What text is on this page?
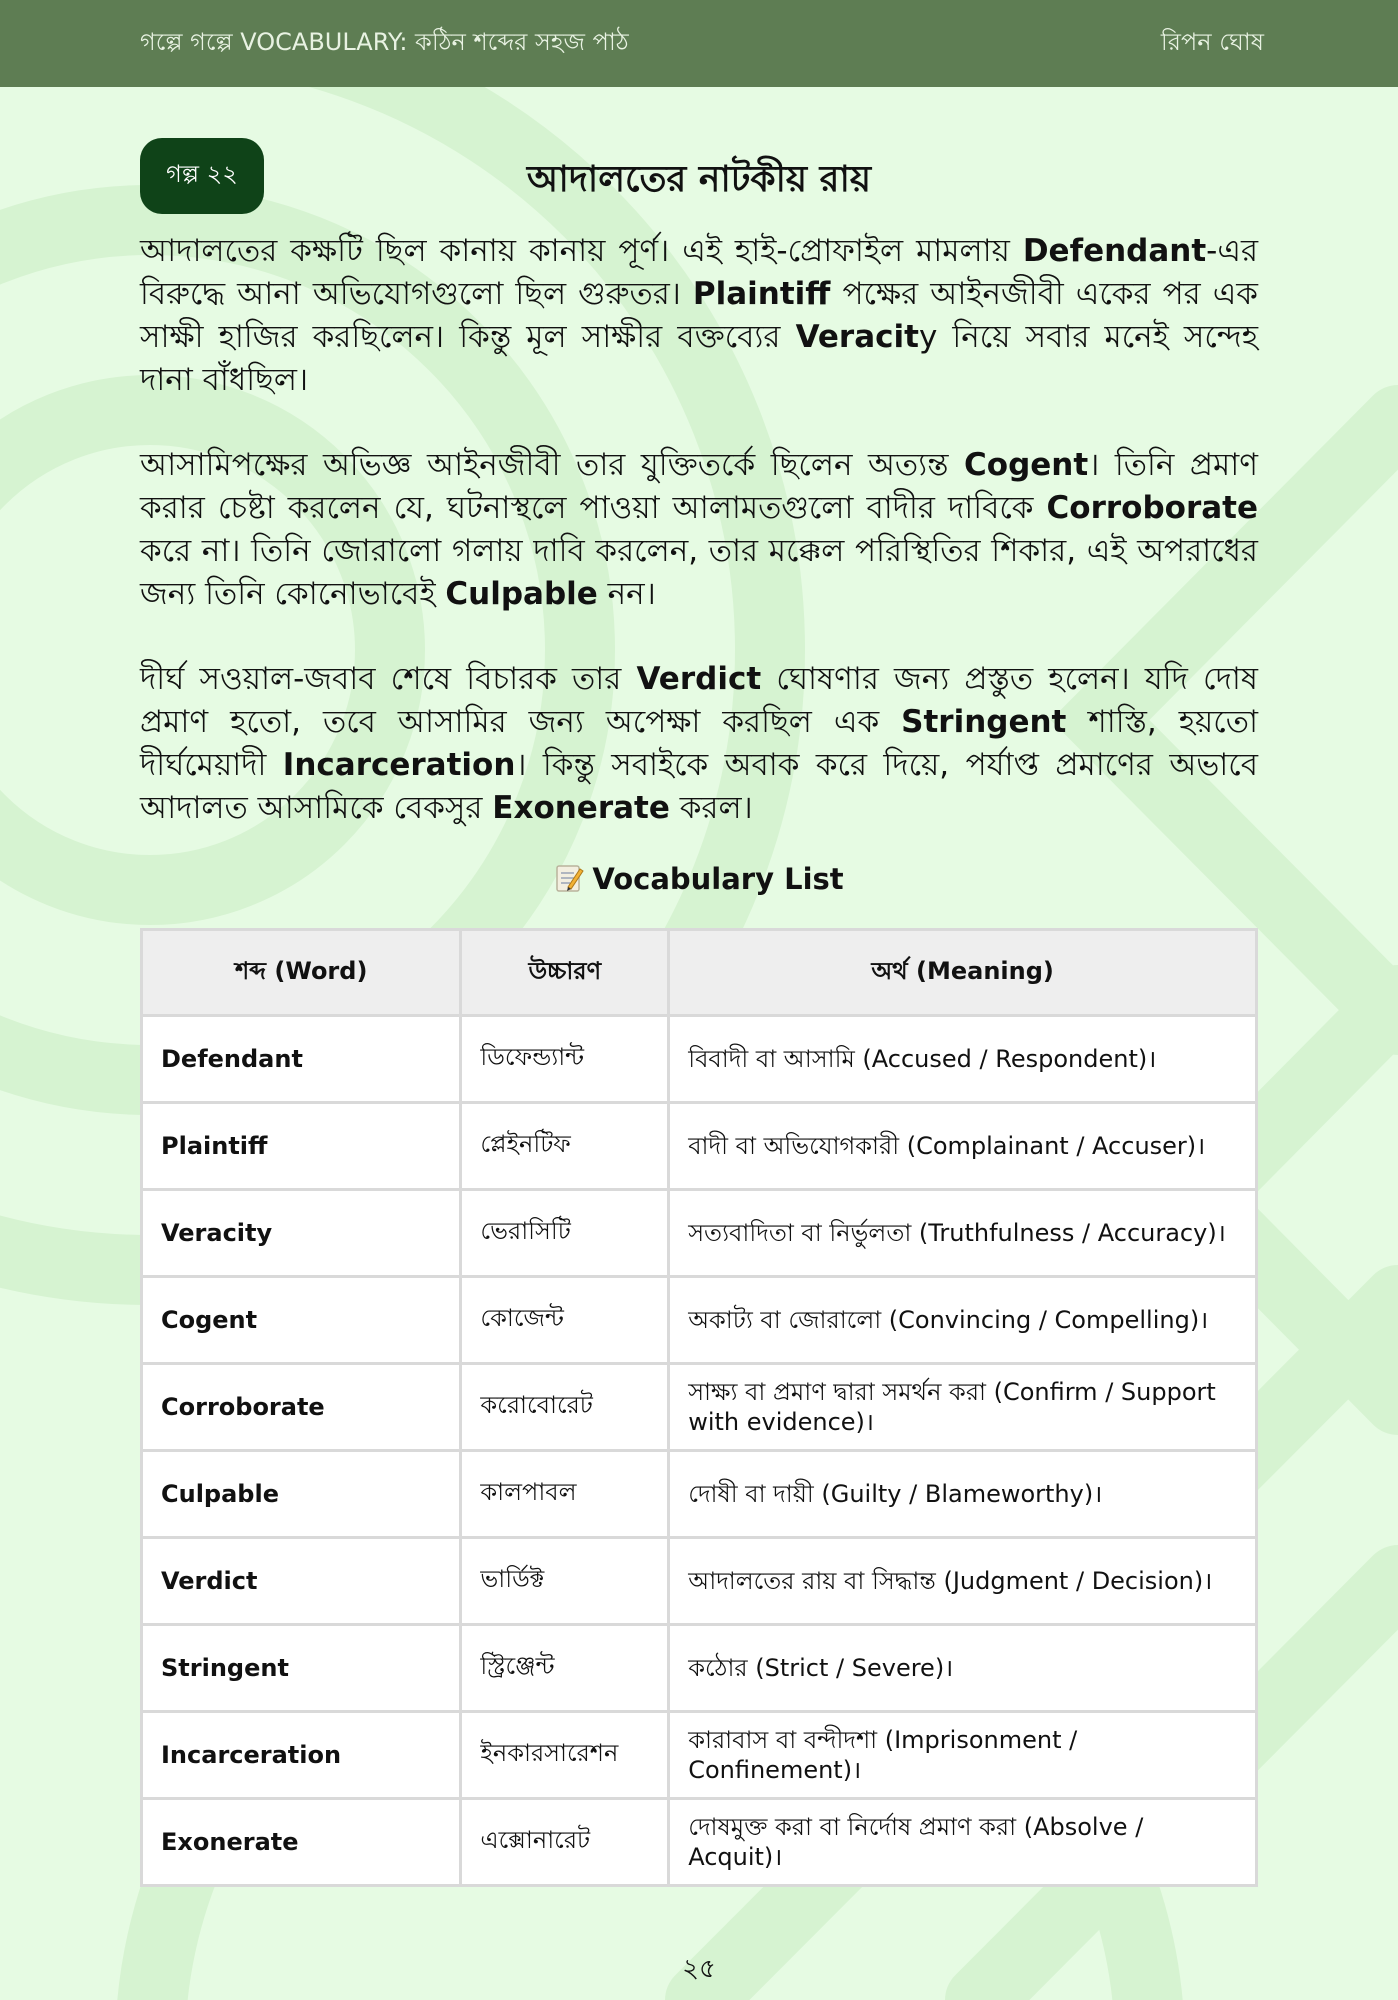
গল্পে গল্পে VOCABULARY: কঠিন শব্দের সহজ পাঠ	রিপন ঘোষ
গল্প ২২	আদালতের নাটকীয় রায়

আদালতের কক্ষটি ছিল কানায় কানায় পূর্ণ। এই হাই-প্রোফাইল মামলায় Defendant-এর বিরুদ্ধে আনা অভিযোগগুলো ছিল গুরুতর। Plaintiff পক্ষের আইনজীবী একের পর এক সাক্ষী হাজির করছিলেন। কিন্তু মূল সাক্ষীর বক্তব্যের Veracity নিয়ে সবার মনেই সন্দেহ দানা বাঁধছিল।

আসামিপক্ষের অভিজ্ঞ আইনজীবী তার যুক্তিতর্কে ছিলেন অত্যন্ত Cogent। তিনি প্রমাণ করার চেষ্টা করলেন যে, ঘটনাস্থলে পাওয়া আলামতগুলো বাদীর দাবিকে Corroborate করে না। তিনি জোরালো গলায় দাবি করলেন, তার মক্কেল পরিস্থিতির শিকার, এই অপরাধের জন্য তিনি কোনোভাবেই Culpable নন।

দীর্ঘ সওয়াল-জবাব শেষে বিচারক তার Verdict ঘোষণার জন্য প্রস্তুত হলেন। যদি দোষ প্রমাণ হতো, তবে আসামির জন্য অপেক্ষা করছিল এক Stringent শাস্তি, হয়তো দীর্ঘমেয়াদী Incarceration। কিন্তু সবাইকে অবাক করে দিয়ে, পর্যাপ্ত প্রমাণের অভাবে আদালত আসামিকে বেকসুর Exonerate করল।

Vocabulary List
শব্দ (Word)	উচ্চারণ	অর্থ (Meaning)
Defendant	ডিফেন্ড্যান্ট	বিবাদী বা আসামি (Accused / Respondent)।
Plaintiff	প্লেইনটিফ	বাদী বা অভিযোগকারী (Complainant / Accuser)।
Veracity	ভেরাসিটি	সত্যবাদিতা বা নির্ভুলতা (Truthfulness / Accuracy)।
Cogent	কোজেন্ট	অকাট্য বা জোরালো (Convincing / Compelling)।
Corroborate	করোবোরেট	সাক্ষ্য বা প্রমাণ দ্বারা সমর্থন করা (Confirm / Support with evidence)।
Culpable	কালপাবল	দোষী বা দায়ী (Guilty / Blameworthy)।
Verdict	ভার্ডিক্ট	আদালতের রায় বা সিদ্ধান্ত (Judgment / Decision)।
Stringent	স্ট্রিঞ্জেন্ট	কঠোর (Strict / Severe)।
Incarceration	ইনকারসারেশন	কারাবাস বা বন্দীদশা (Imprisonment / Confinement)।
Exonerate	এক্সোনারেট	দোষমুক্ত করা বা নির্দোষ প্রমাণ করা (Absolve / Acquit)।
২৫
